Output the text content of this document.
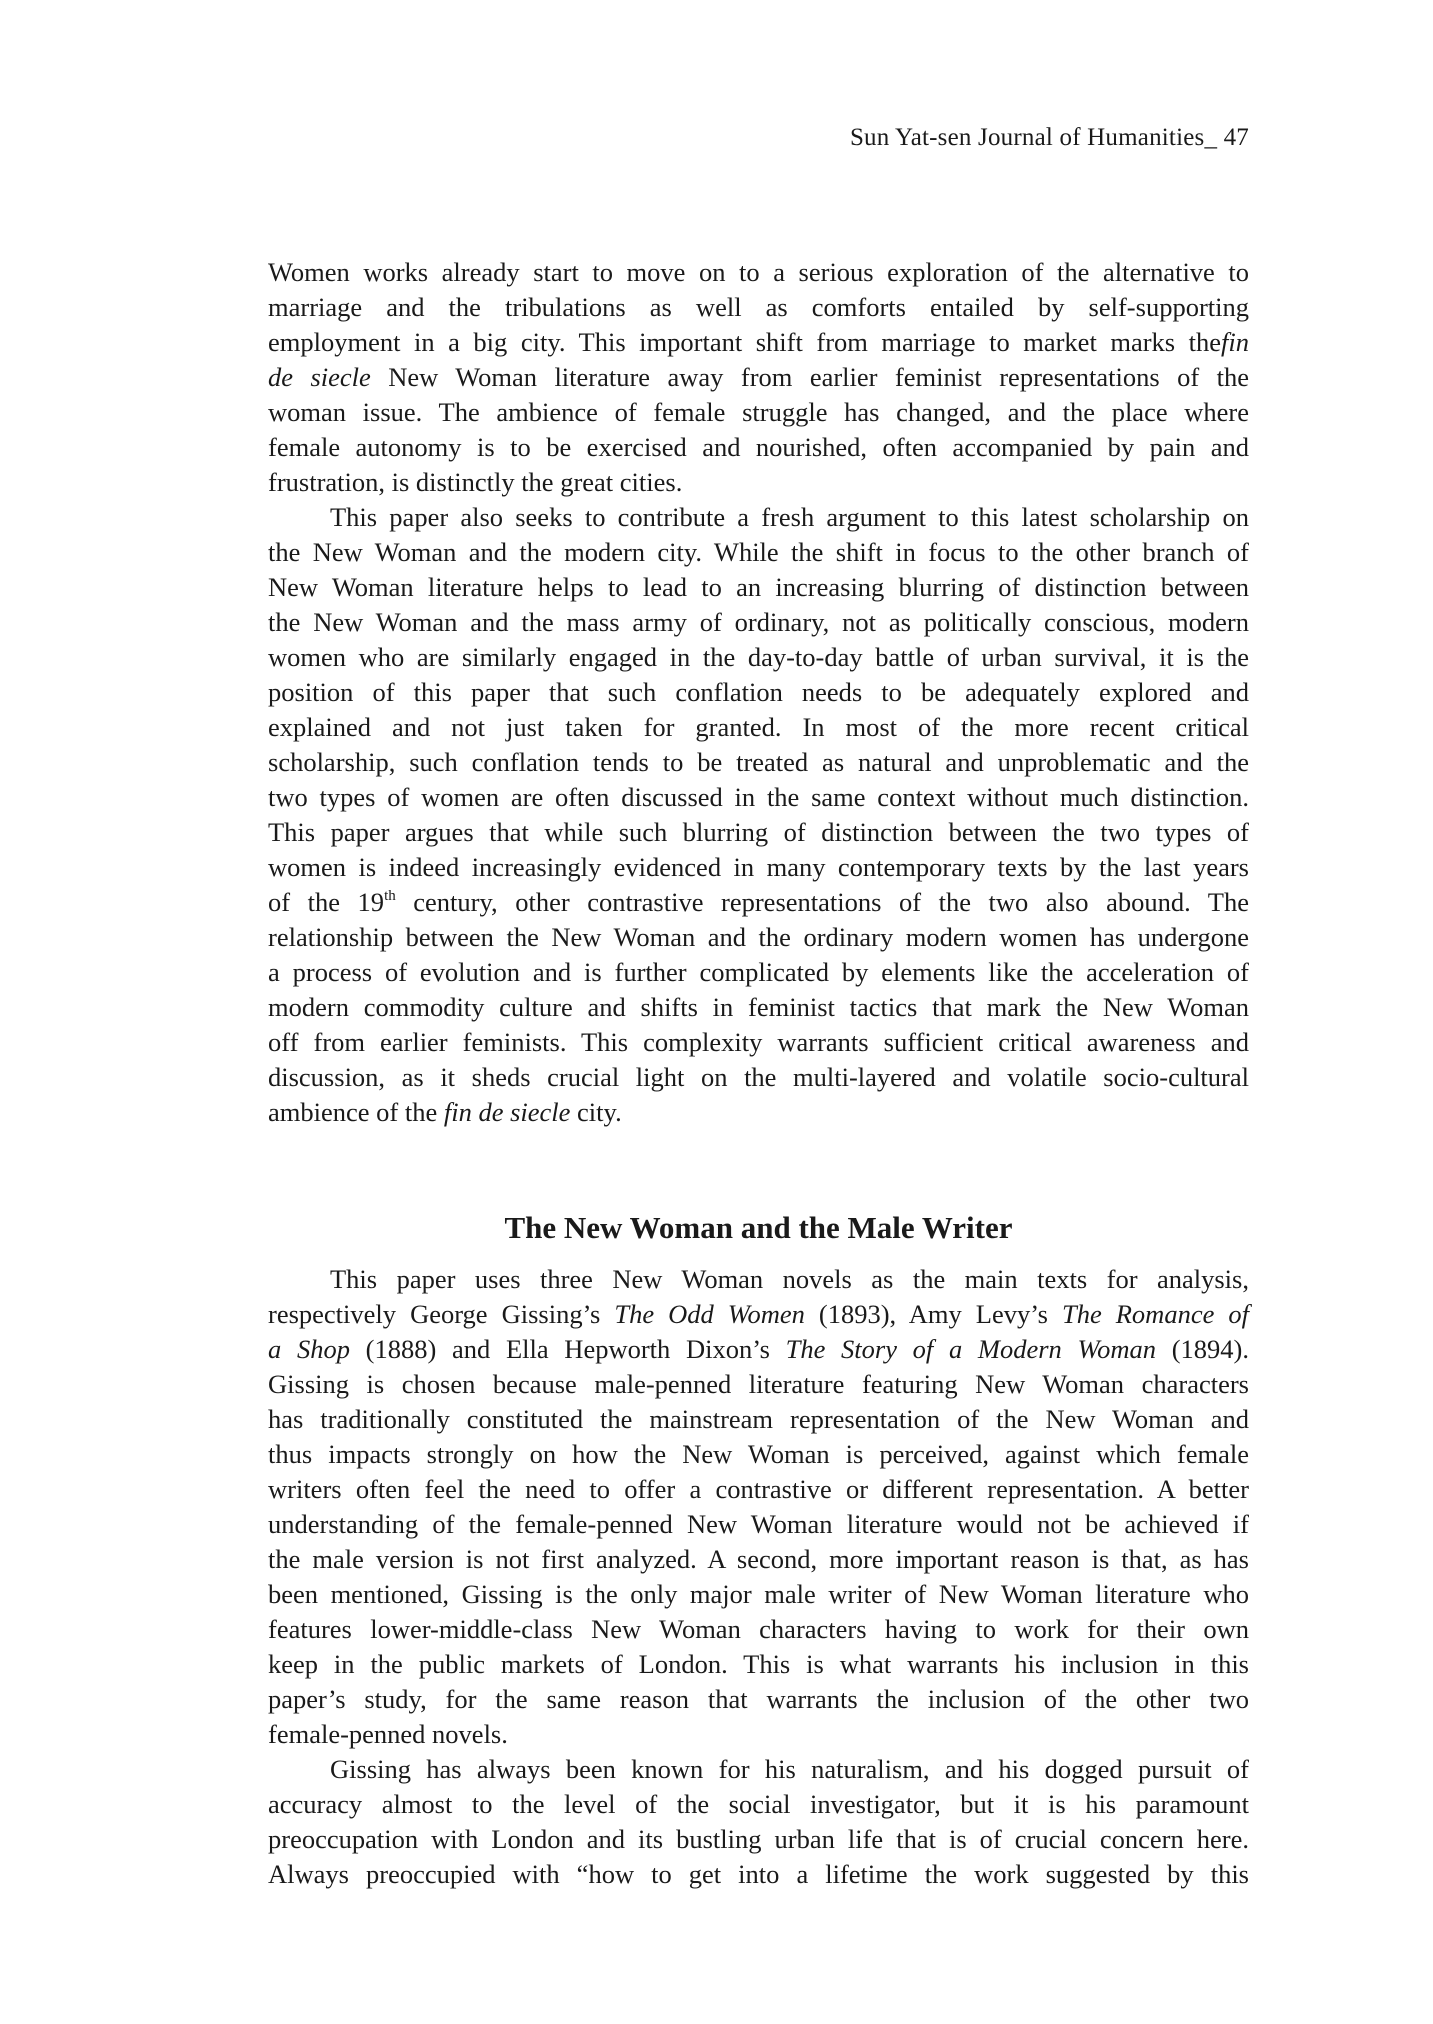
Sun Yat-sen Journal of Humanities_ 47
Women works already start to move on to a serious exploration of the alternative to
marriage and the tribulations as well as comforts entailed by self-supporting
employment in a big city. This important shift from marriage to market marks thefin
de siecle New Woman literature away from earlier feminist representations of the
woman issue. The ambience of female struggle has changed, and the place where
female autonomy is to be exercised and nourished, often accompanied by pain and
frustration, is distinctly the great cities.
This paper also seeks to contribute a fresh argument to this latest scholarship on
the New Woman and the modern city. While the shift in focus to the other branch of
New Woman literature helps to lead to an increasing blurring of distinction between
the New Woman and the mass army of ordinary, not as politically conscious, modern
women who are similarly engaged in the day-to-day battle of urban survival, it is the
position of this paper that such conflation needs to be adequately explored and
explained and not just taken for granted. In most of the more recent critical
scholarship, such conflation tends to be treated as natural and unproblematic and the
two types of women are often discussed in the same context without much distinction.
This paper argues that while such blurring of distinction between the two types of
women is indeed increasingly evidenced in many contemporary texts by the last years
of the 19th century, other contrastive representations of the two also abound. The
relationship between the New Woman and the ordinary modern women has undergone
a process of evolution and is further complicated by elements like the acceleration of
modern commodity culture and shifts in feminist tactics that mark the New Woman
off from earlier feminists. This complexity warrants sufficient critical awareness and
discussion, as it sheds crucial light on the multi-layered and volatile socio-cultural
ambience of the fin de siecle city.
The New Woman and the Male Writer
This paper uses three New Woman novels as the main texts for analysis,
respectively George Gissing’s The Odd Women (1893), Amy Levy’s The Romance of
a Shop (1888) and Ella Hepworth Dixon’s The Story of a Modern Woman (1894).
Gissing is chosen because male-penned literature featuring New Woman characters
has traditionally constituted the mainstream representation of the New Woman and
thus impacts strongly on how the New Woman is perceived, against which female
writers often feel the need to offer a contrastive or different representation. A better
understanding of the female-penned New Woman literature would not be achieved if
the male version is not first analyzed. A second, more important reason is that, as has
been mentioned, Gissing is the only major male writer of New Woman literature who
features lower-middle-class New Woman characters having to work for their own
keep in the public markets of London. This is what warrants his inclusion in this
paper’s study, for the same reason that warrants the inclusion of the other two
female-penned novels.
Gissing has always been known for his naturalism, and his dogged pursuit of
accuracy almost to the level of the social investigator, but it is his paramount
preoccupation with London and its bustling urban life that is of crucial concern here.
Always preoccupied with “how to get into a lifetime the work suggested by this
